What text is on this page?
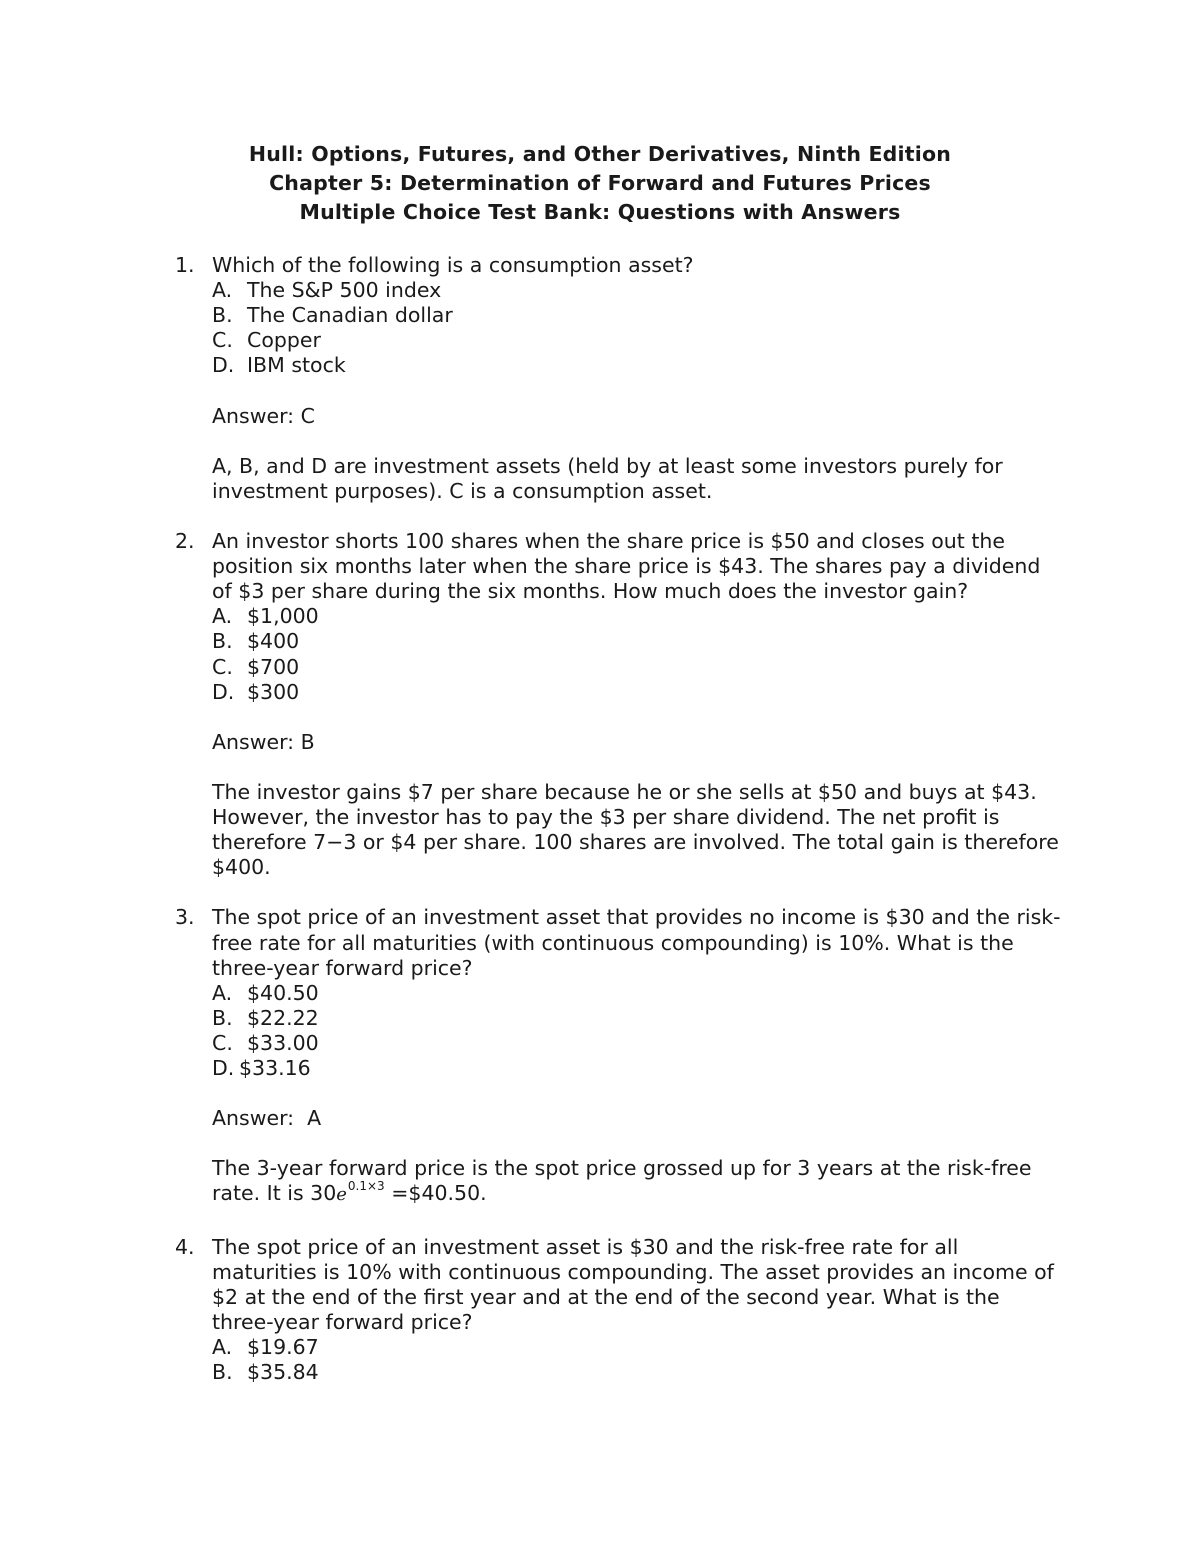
Hull: Options, Futures, and Other Derivatives, Ninth Edition
Chapter 5: Determination of Forward and Futures Prices
Multiple Choice Test Bank: Questions with Answers
1. Which of the following is a consumption asset?
A. The S&P 500 index
B. The Canadian dollar
C. Copper
D. IBM stock
Answer: C
A, B, and D are investment assets (held by at least some investors purely for investment purposes). C is a consumption asset.
2. An investor shorts 100 shares when the share price is $50 and closes out the position six months later when the share price is $43. The shares pay a dividend of $3 per share during the six months. How much does the investor gain?
A. $1,000
B. $400
C. $700
D. $300
Answer: B
The investor gains $7 per share because he or she sells at $50 and buys at $43. However, the investor has to pay the $3 per share dividend. The net profit is therefore 7−3 or $4 per share. 100 shares are involved. The total gain is therefore $400.
3. The spot price of an investment asset that provides no income is $30 and the risk-free rate for all maturities (with continuous compounding) is 10%. What is the three-year forward price?
A. $40.50
B. $22.22
C. $33.00
D. $33.16
Answer:  A
The 3-year forward price is the spot price grossed up for 3 years at the risk-free rate. It is $30e^{0.1\times 3}$ =$40.50.
4. The spot price of an investment asset is $30 and the risk-free rate for all maturities is 10% with continuous compounding. The asset provides an income of $2 at the end of the first year and at the end of the second year. What is the three-year forward price?
A. $19.67
B. $35.84
